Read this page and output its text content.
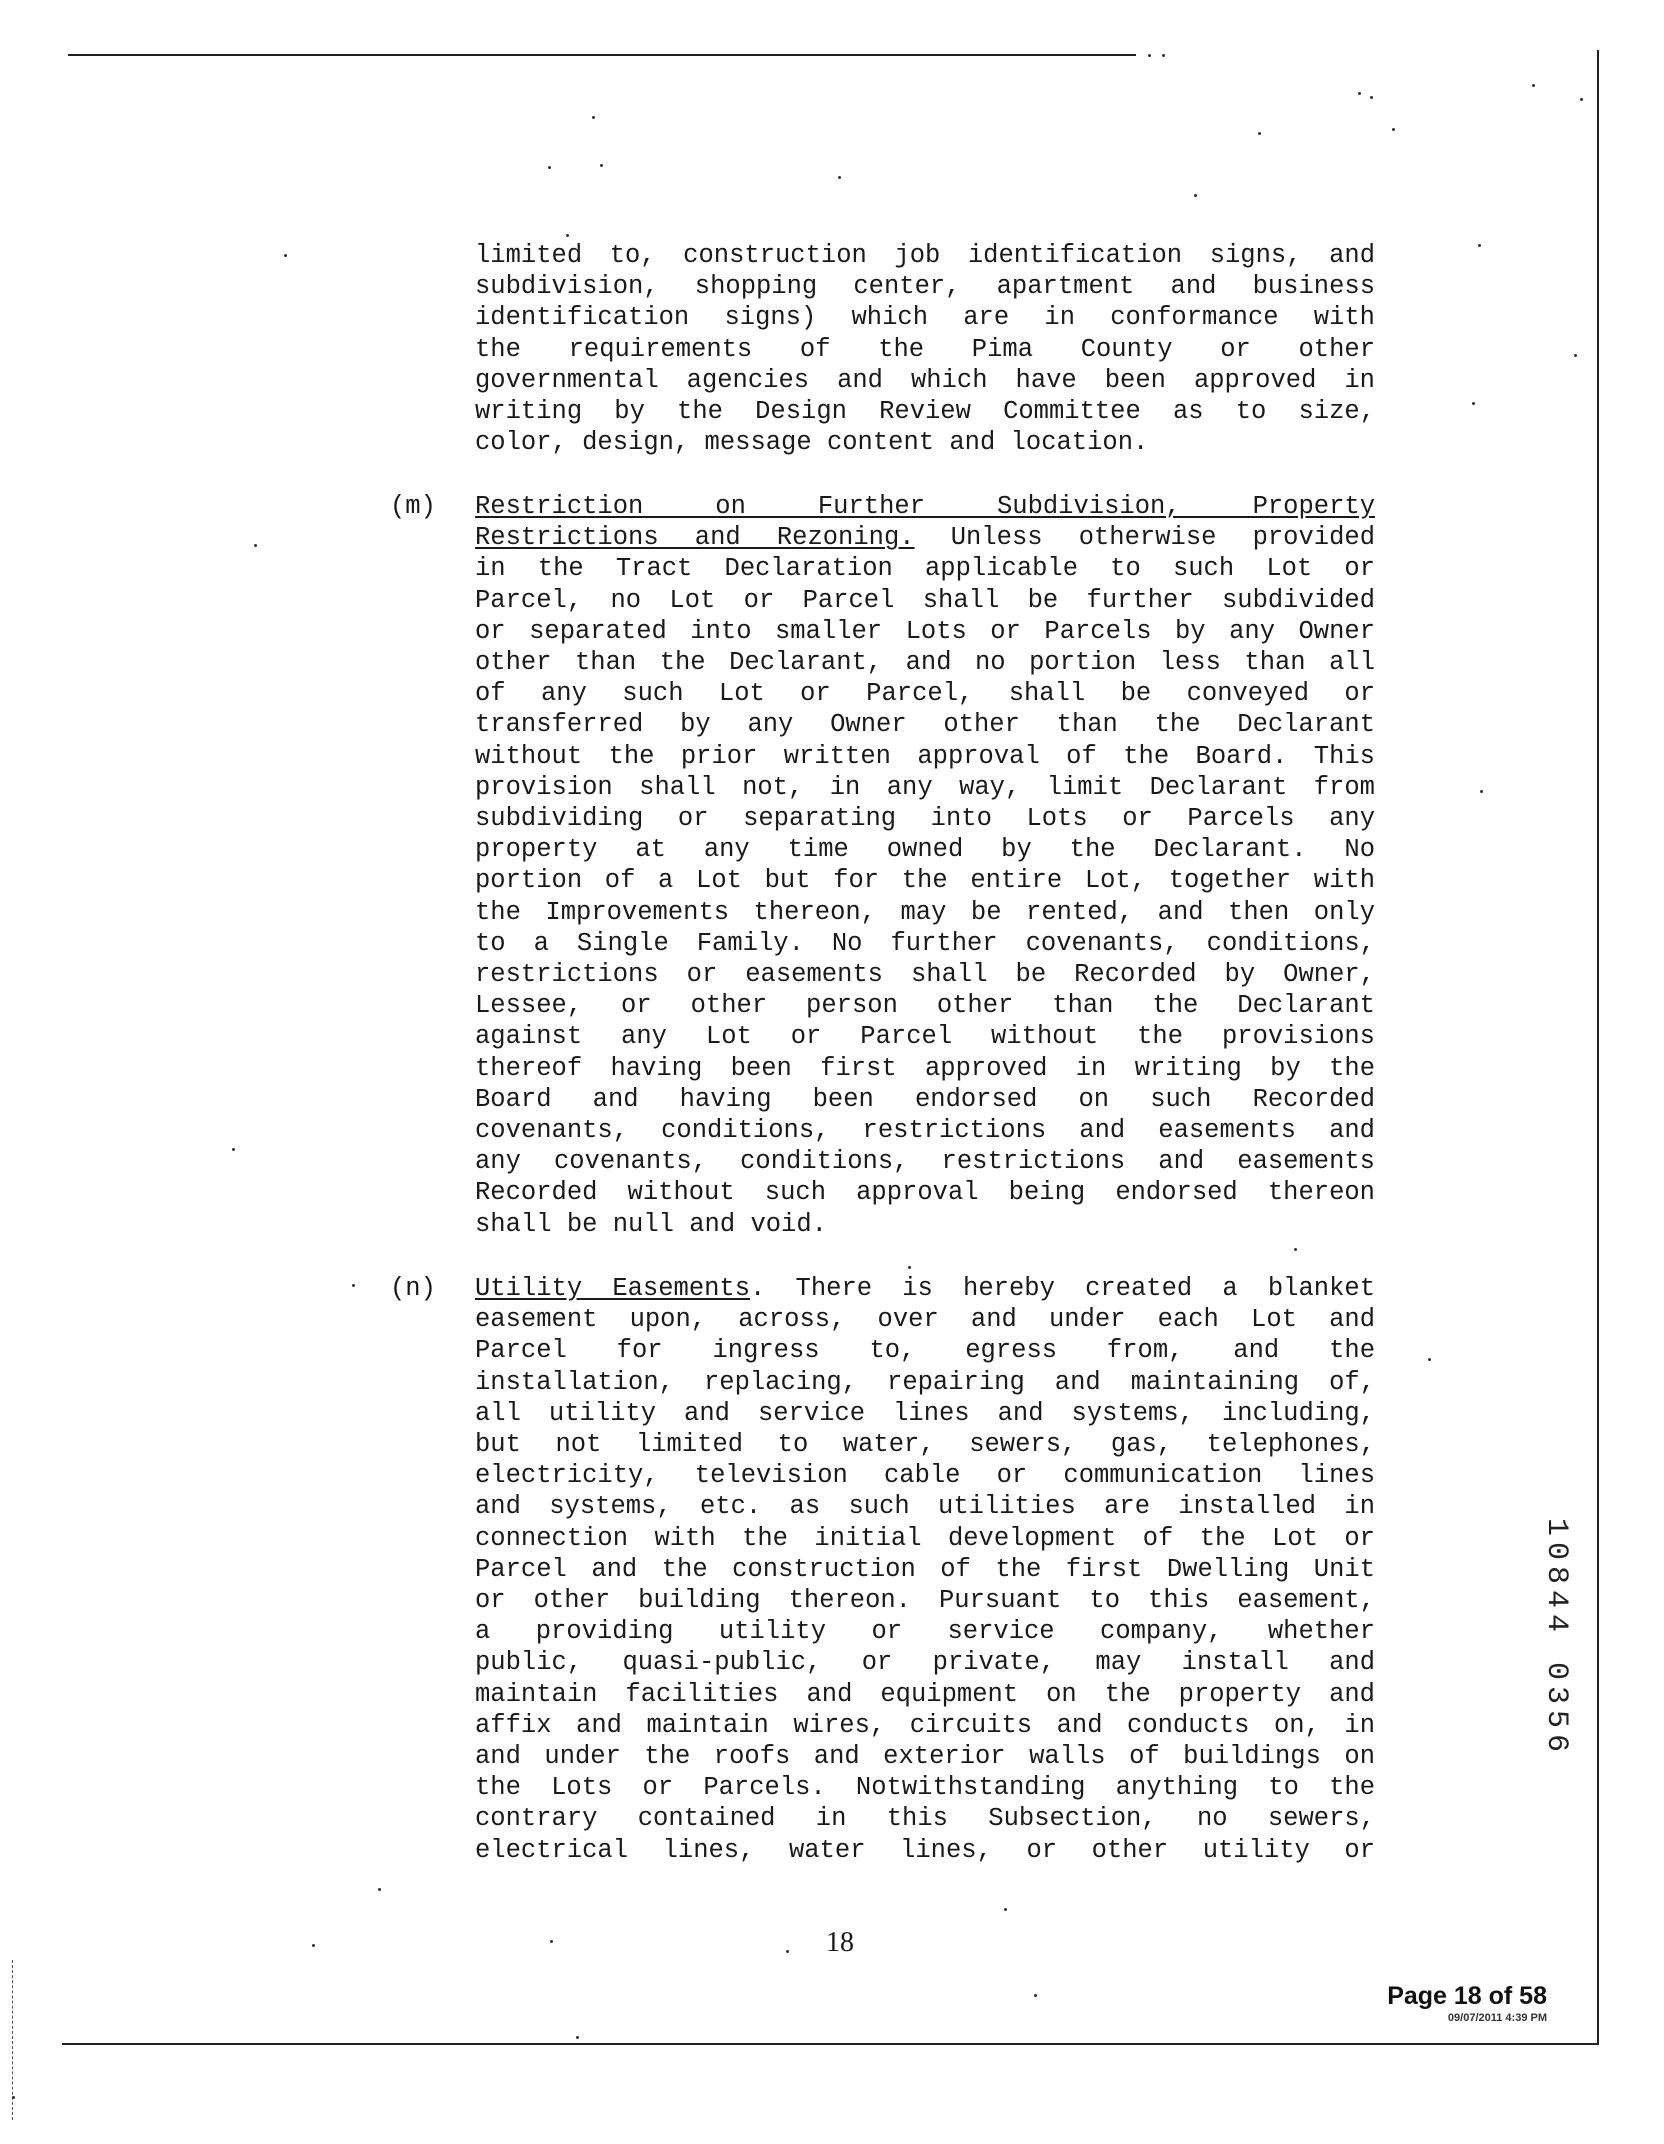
limited to, construction job identification signs, and
subdivision, shopping center, apartment and business
identification signs) which are in conformance with
the requirements of the Pima County or other
governmental agencies and which have been approved in
writing by the Design Review Committee as to size,
color, design, message content and location.
(m) Restriction on Further Subdivision, Property
Restrictions and Rezoning. Unless otherwise provided
in the Tract Declaration applicable to such Lot or
Parcel, no Lot or Parcel shall be further subdivided
or separated into smaller Lots or Parcels by any Owner
other than the Declarant, and no portion less than all
of any such Lot or Parcel, shall be conveyed or
transferred by any Owner other than the Declarant
without the prior written approval of the Board. This
provision shall not, in any way, limit Declarant from
subdividing or separating into Lots or Parcels any
property at any time owned by the Declarant. No
portion of a Lot but for the entire Lot, together with
the Improvements thereon, may be rented, and then only
to a Single Family. No further covenants, conditions,
restrictions or easements shall be Recorded by Owner,
Lessee, or other person other than the Declarant
against any Lot or Parcel without the provisions
thereof having been first approved in writing by the
Board and having been endorsed on such Recorded
covenants, conditions, restrictions and easements and
any covenants, conditions, restrictions and easements
Recorded without such approval being endorsed thereon
shall be null and void.
(n) Utility Easements. There is hereby created a blanket
easement upon, across, over and under each Lot and
Parcel for ingress to, egress from, and the
installation, replacing, repairing and maintaining of,
all utility and service lines and systems, including,
but not limited to water, sewers, gas, telephones,
electricity, television cable or communication lines
and systems, etc. as such utilities are installed in
connection with the initial development of the Lot or
Parcel and the construction of the first Dwelling Unit
or other building thereon. Pursuant to this easement,
a providing utility or service company, whether
public, quasi-public, or private, may install and
maintain facilities and equipment on the property and
affix and maintain wires, circuits and conducts on, in
and under the roofs and exterior walls of buildings on
the Lots or Parcels. Notwithstanding anything to the
contrary contained in this Subsection, no sewers,
electrical lines, water lines, or other utility or
18
10844 0356
Page 18 of 58
09/07/2011 4:39 PM
